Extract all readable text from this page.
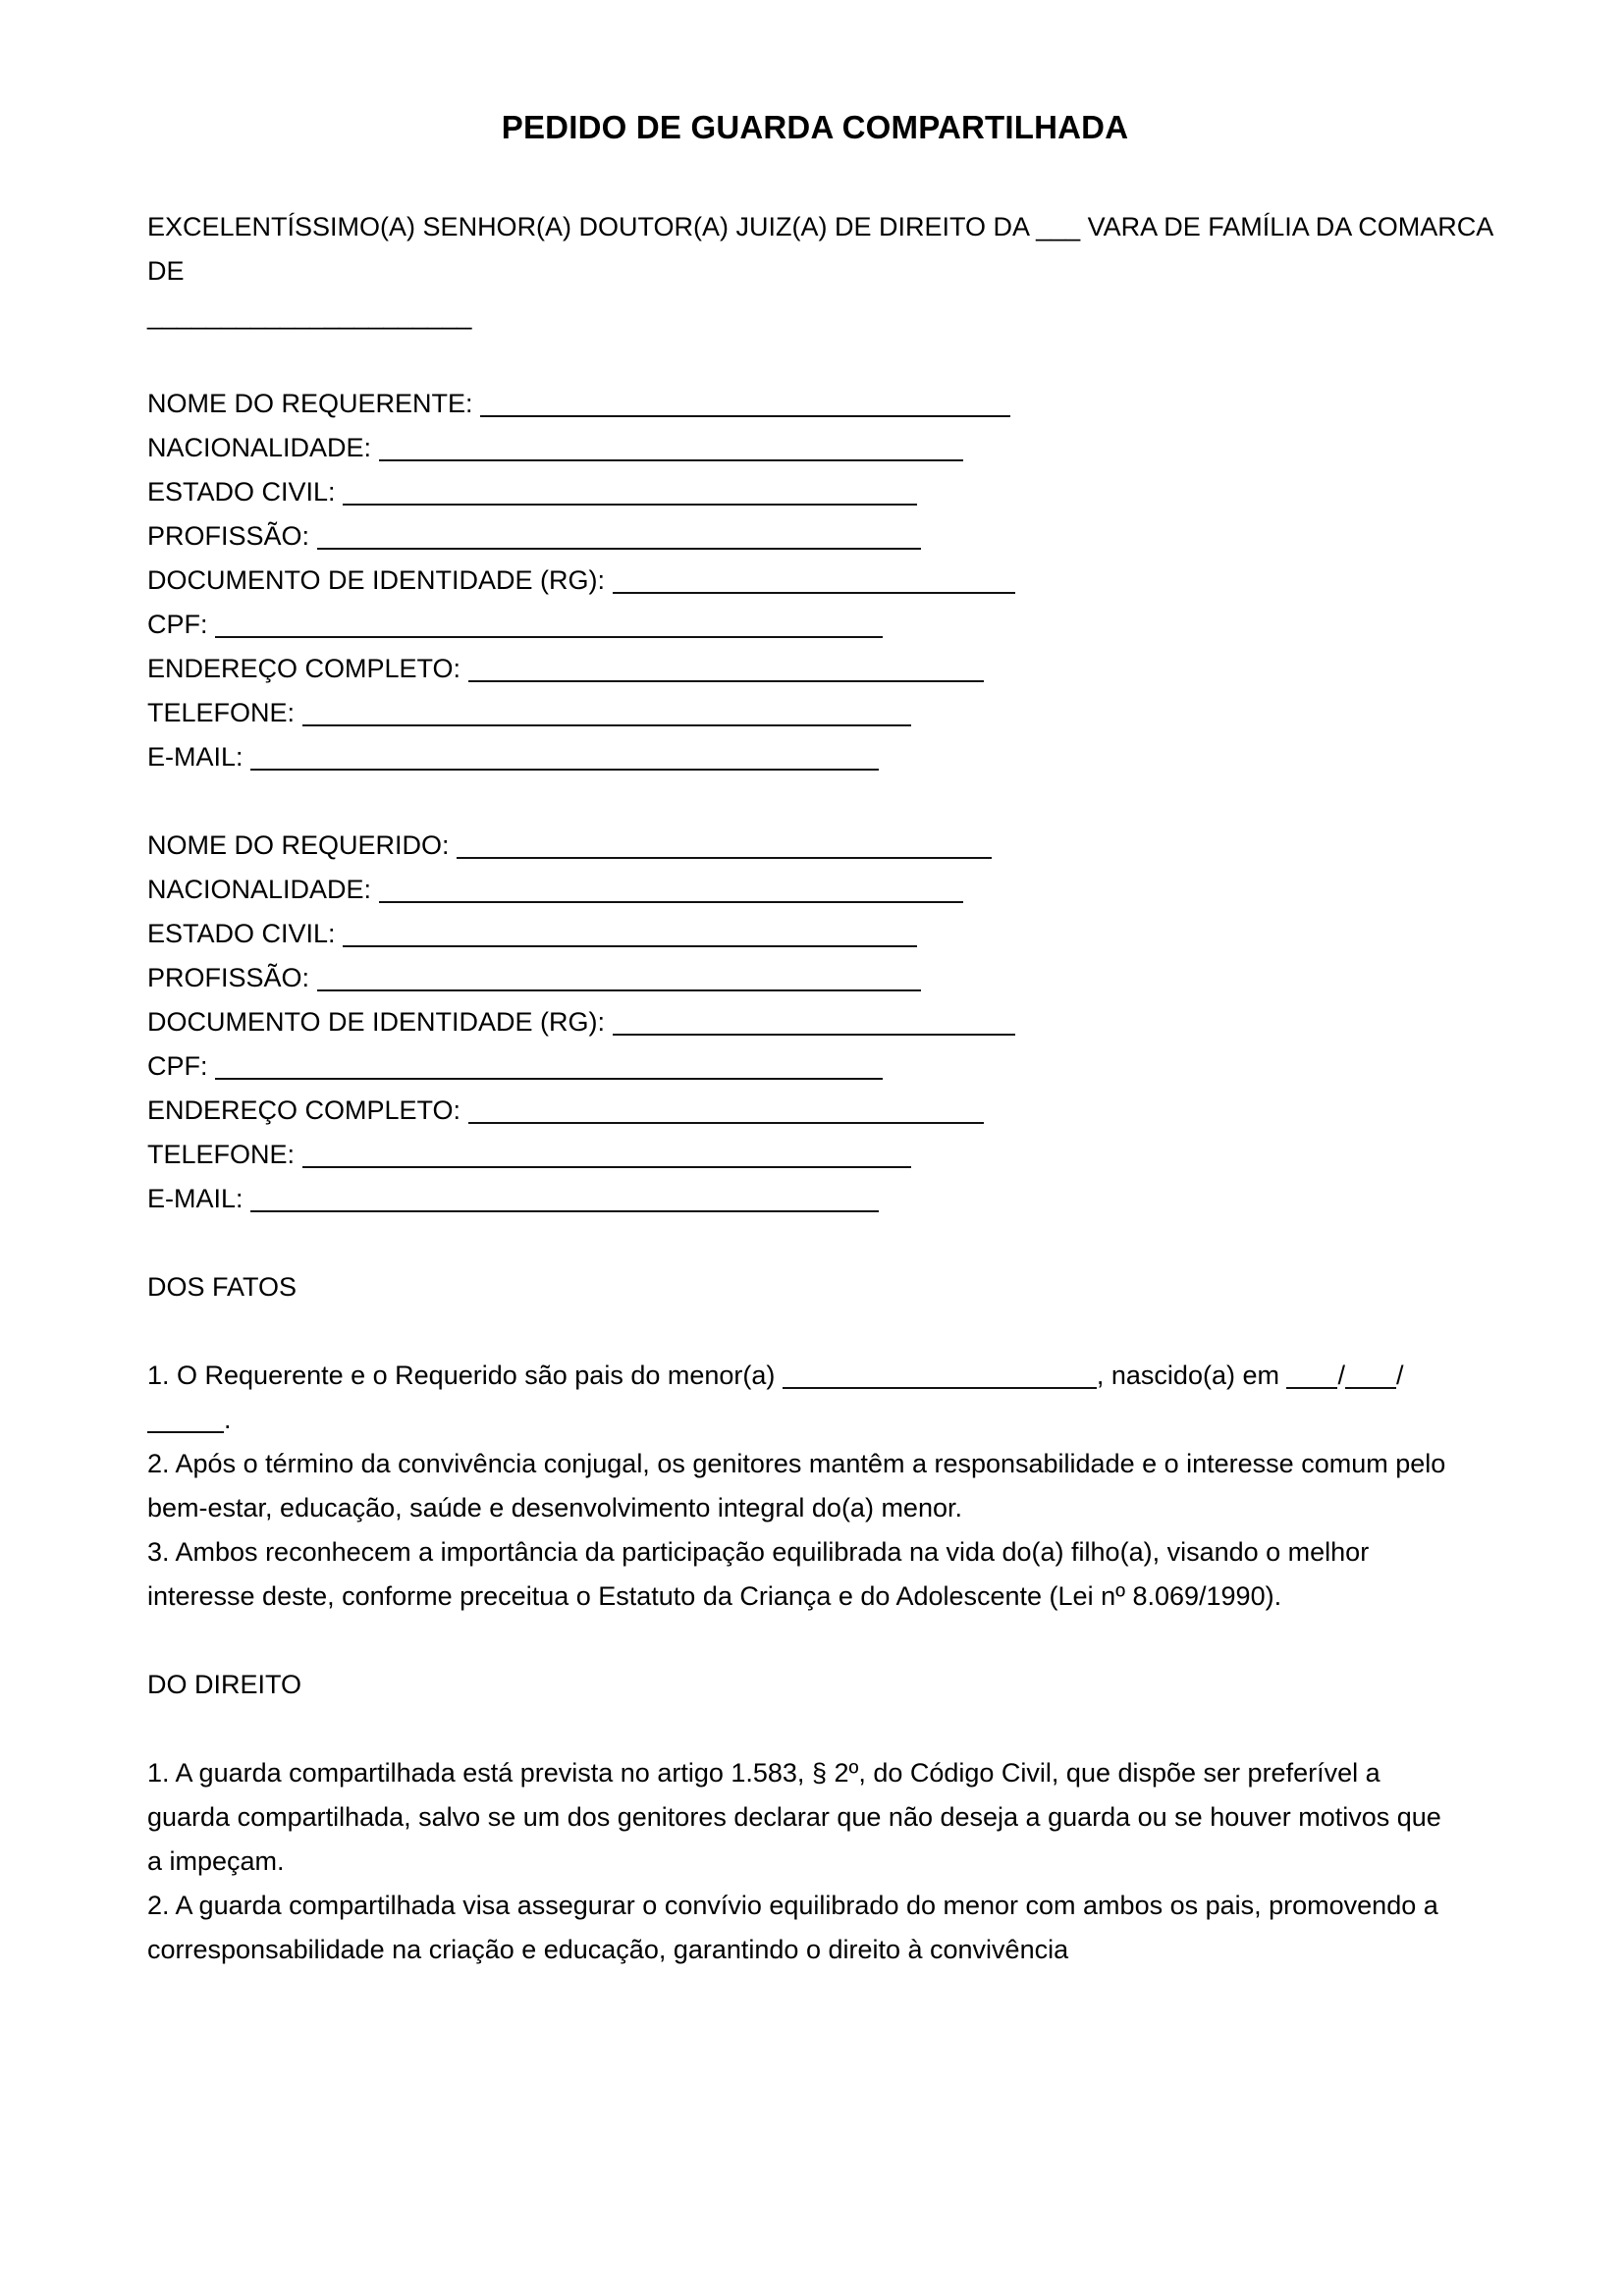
PEDIDO DE GUARDA COMPARTILHADA

EXCELENTÍSSIMO(A) SENHOR(A) DOUTOR(A) JUIZ(A) DE DIREITO DA ___ VARA DE FAMÍLIA DA COMARCA DE

______________________

NOME DO REQUERENTE:
NACIONALIDADE:
ESTADO CIVIL:
PROFISSÃO:
DOCUMENTO DE IDENTIDADE (RG):
CPF:
ENDEREÇO COMPLETO:
TELEFONE:
E-MAIL:
NOME DO REQUERIDO:
NACIONALIDADE:
ESTADO CIVIL:
PROFISSÃO:
DOCUMENTO DE IDENTIDADE (RG):
CPF:
ENDEREÇO COMPLETO:
TELEFONE:
E-MAIL:

DOS FATOS

1. O Requerente e o Requerido são pais do menor(a)	, nascido(a) em / /.

2. Após o término da convivência conjugal, os genitores mantêm a responsabilidade e o interesse comum pelo bem-estar, educação, saúde e desenvolvimento integral do(a) menor.

3. Ambos reconhecem a importância da participação equilibrada na vida do(a) filho(a), visando o melhor interesse deste, conforme preceitua o Estatuto da Criança e do Adolescente (Lei nº 8.069/1990).

DO DIREITO

1. A guarda compartilhada está prevista no artigo 1.583, § 2º, do Código Civil, que dispõe ser preferível a guarda compartilhada, salvo se um dos genitores declarar que não deseja a guarda ou se houver motivos que a impeçam.

2. A guarda compartilhada visa assegurar o convívio equilibrado do menor com ambos os pais, promovendo a corresponsabilidade na criação e educação, garantindo o direito à convivência
